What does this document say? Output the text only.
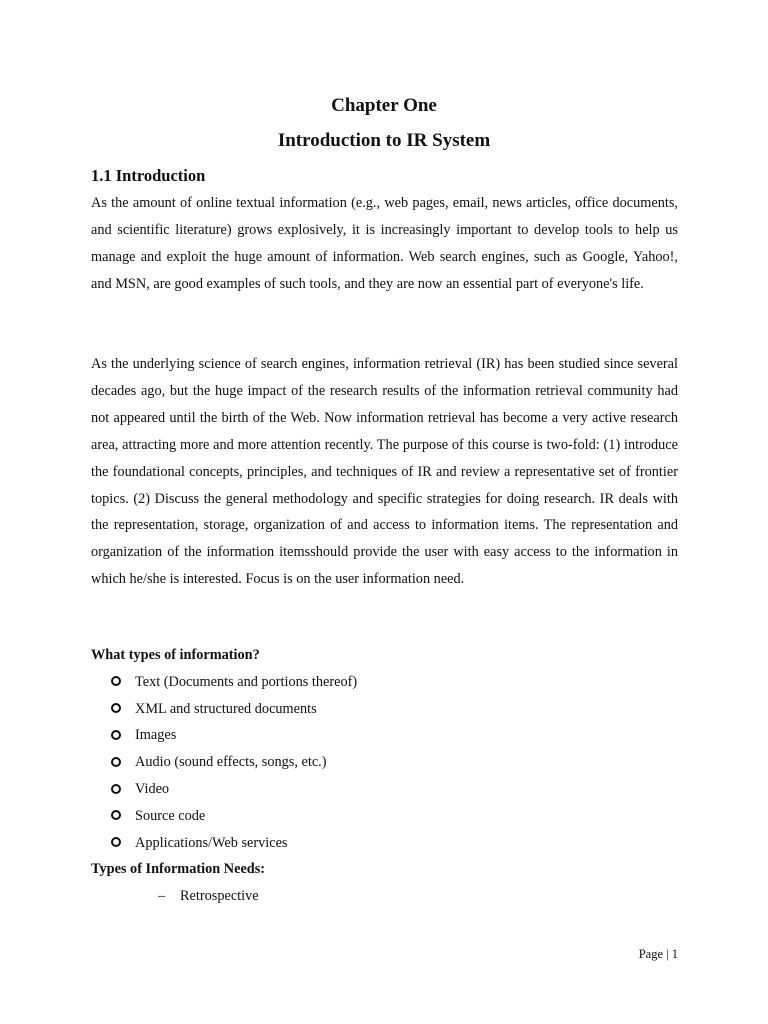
Chapter One
Introduction to IR System
1.1 Introduction

As the amount of online textual information (e.g., web pages, email, news articles, office documents, and scientific literature) grows explosively, it is increasingly important to develop tools to help us manage and exploit the huge amount of information. Web search engines, such as Google, Yahoo!, and MSN, are good examples of such tools, and they are now an essential part of everyone's life.

As the underlying science of search engines, information retrieval (IR) has been studied since several decades ago, but the huge impact of the research results of the information retrieval community had not appeared until the birth of the Web. Now information retrieval has become a very active research area, attracting more and more attention recently. The purpose of this course is two-fold: (1) introduce the foundational concepts, principles, and techniques of IR and review a representative set of frontier topics. (2) Discuss the general methodology and specific strategies for doing research. IR deals with the representation, storage, organization of and access to information items. The representation and organization of the information itemsshould provide the user with easy access to the information in which he/she is interested. Focus is on the user information need.

What types of information?
Text (Documents and portions thereof)
XML and structured documents
Images
Audio (sound effects, songs, etc.)
Video
Source code
Applications/Web services
Types of Information Needs:
–	Retrospective
Page | 1
